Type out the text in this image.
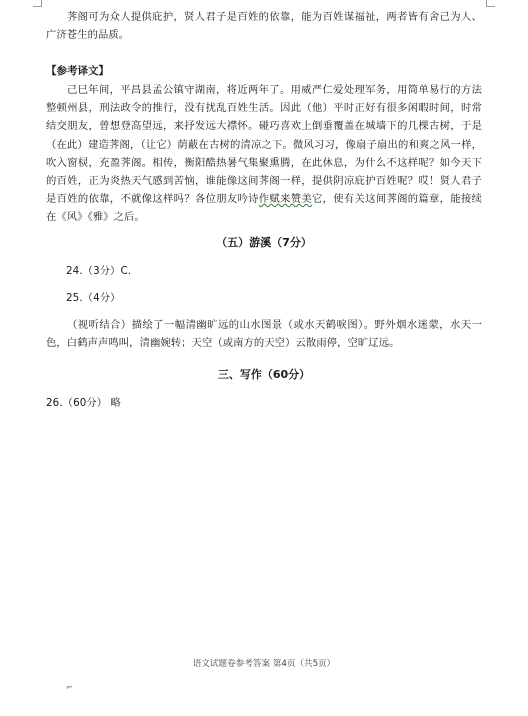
荠阁可为众人提供庇护，贤人君子是百姓的依靠，能为百姓谋福祉，两者皆有舍己为人、广济苍生的品质。

【参考译文】

己巳年间，平昌县孟公镇守湖南，将近两年了。用威严仁爱处理军务，用简单易行的方法整顿州县，刑法政令的推行，没有扰乱百姓生活。因此（他）平时正好有很多闲暇时间，时常结交朋友，曾想登高望远，来抒发远大襟怀。碰巧喜欢上倒垂覆盖在城墙下的几棵古树，于是（在此）建造荠阁，（让它）荫蔽在古树的清凉之下。微风习习，像扇子扇出的和爽之风一样，吹入窗棂，充盈荠阁。相传，衡阳酷热暑气集聚熏腾，在此休息，为什么不这样呢？如今天下的百姓，正为炎热天气感到苦恼，谁能像这间荠阁一样，提供阴凉庇护百姓呢？哎！贤人君子是百姓的依靠，不就像这样吗？各位朋友吟诗作赋来赞美它，使有关这间荠阁的篇章，能接续在《风》《雅》之后。

（五）游溪（7分）
24.（3分）C.
25.（4分）

（视听结合）描绘了一幅清幽旷远的山水图景（或水天鹤唳图）。野外烟水迷蒙，水天一色，白鹤声声鸣叫，清幽婉转；天空（或南方的天空）云散雨停，空旷辽远。

三、写作（60分）
26.（60分） 略
语文试题卷参考答案 第4页（共5页）
⌐
